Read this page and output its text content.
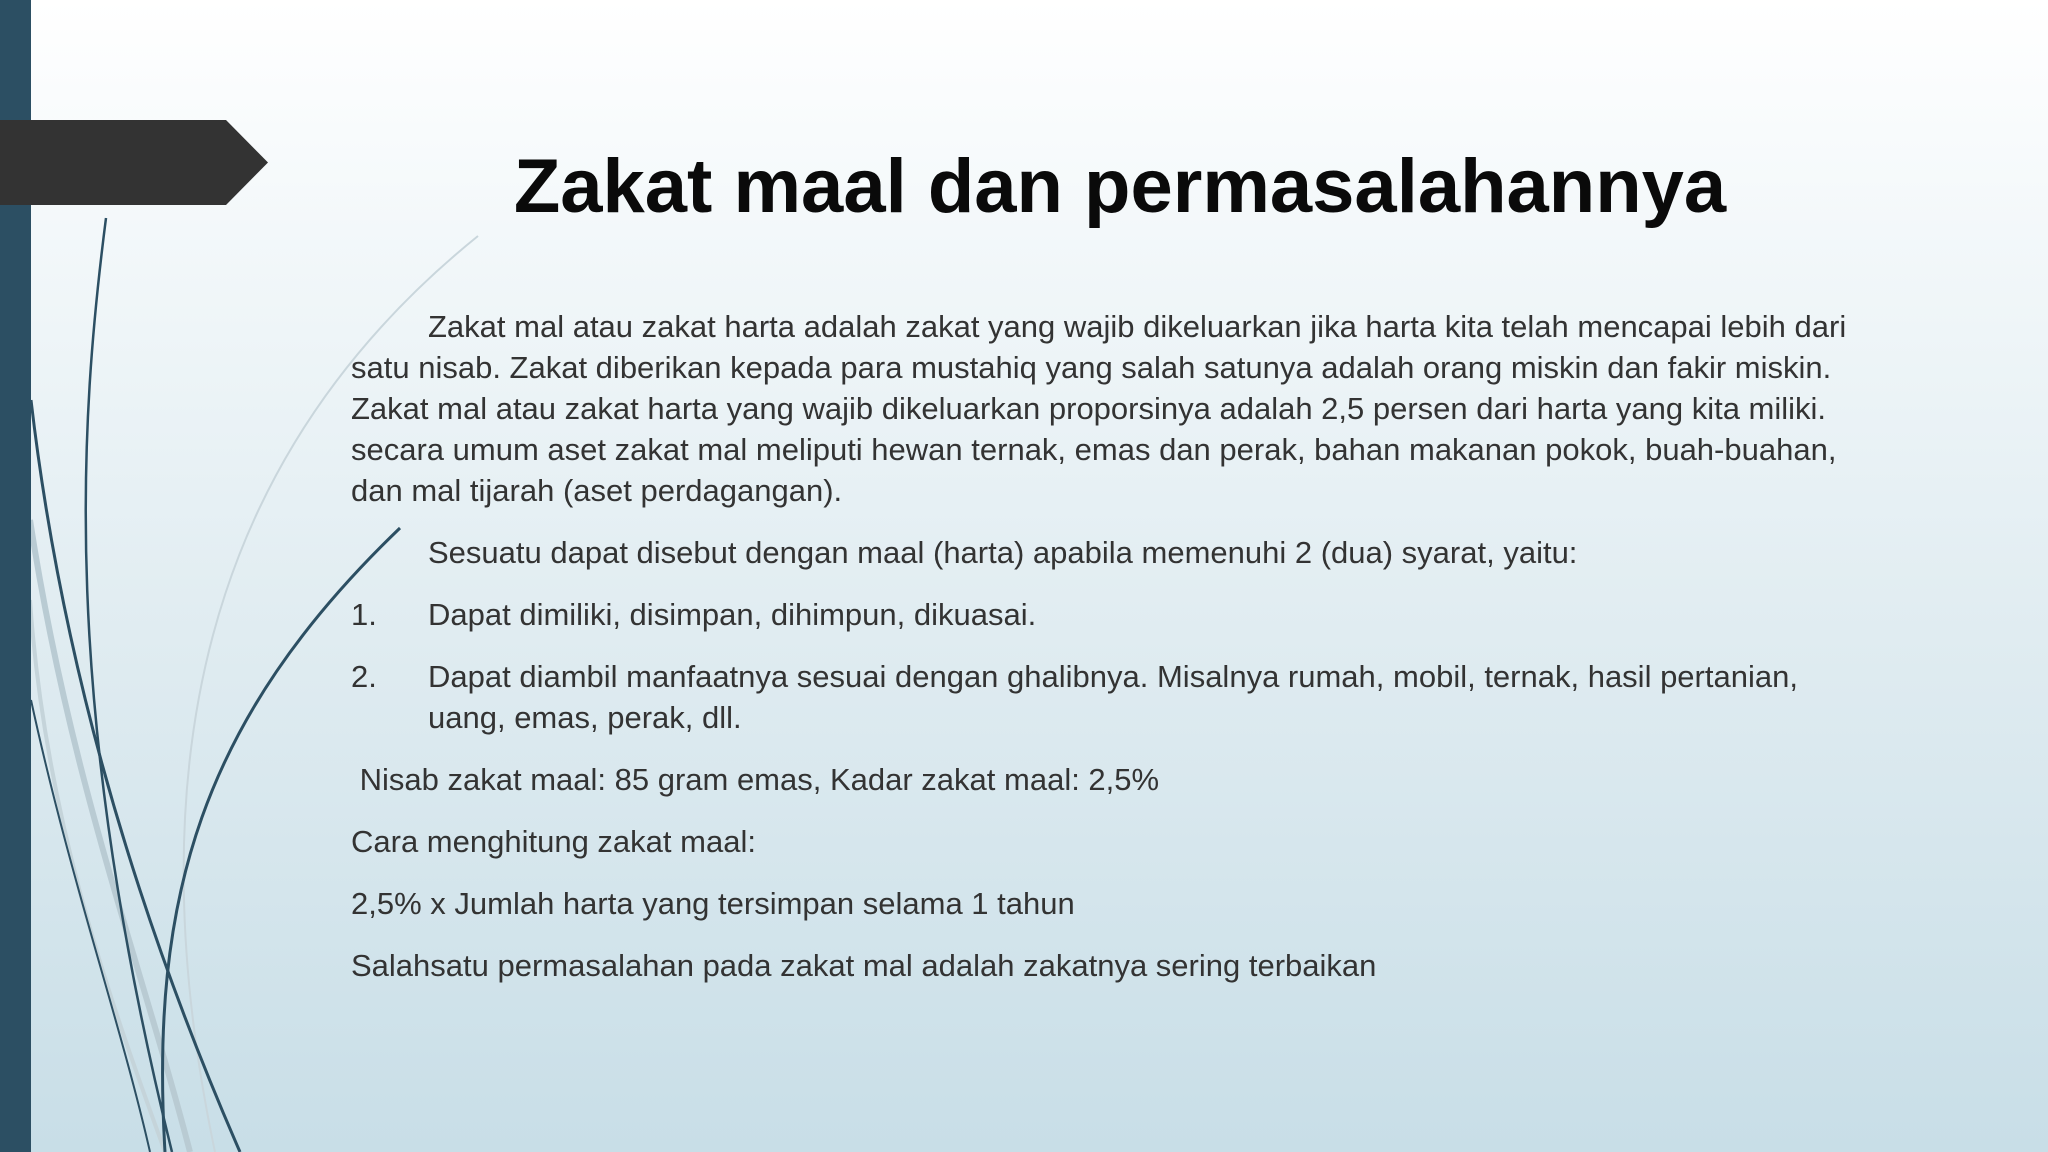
Zakat maal dan permasalahannya

Zakat mal atau zakat harta adalah zakat yang wajib dikeluarkan jika harta kita telah mencapai lebih dari satu nisab. Zakat diberikan kepada para mustahiq yang salah satunya adalah orang miskin dan fakir miskin. Zakat mal atau zakat harta yang wajib dikeluarkan proporsinya adalah 2,5 persen dari harta yang kita miliki. secara umum aset zakat mal meliputi hewan ternak, emas dan perak, bahan makanan pokok, buah-buahan, dan mal tijarah (aset perdagangan).

Sesuatu dapat disebut dengan maal (harta) apabila memenuhi 2 (dua) syarat, yaitu:

1.	Dapat dimiliki, disimpan, dihimpun, dikuasai.
2.	Dapat diambil manfaatnya sesuai dengan ghalibnya. Misalnya rumah, mobil, ternak, hasil pertanian, uang, emas, perak, dll.

Nisab zakat maal: 85 gram emas, Kadar zakat maal: 2,5%

Cara menghitung zakat maal:

2,5% x Jumlah harta yang tersimpan selama 1 tahun

Salahsatu permasalahan pada zakat mal adalah zakatnya sering terbaikan
